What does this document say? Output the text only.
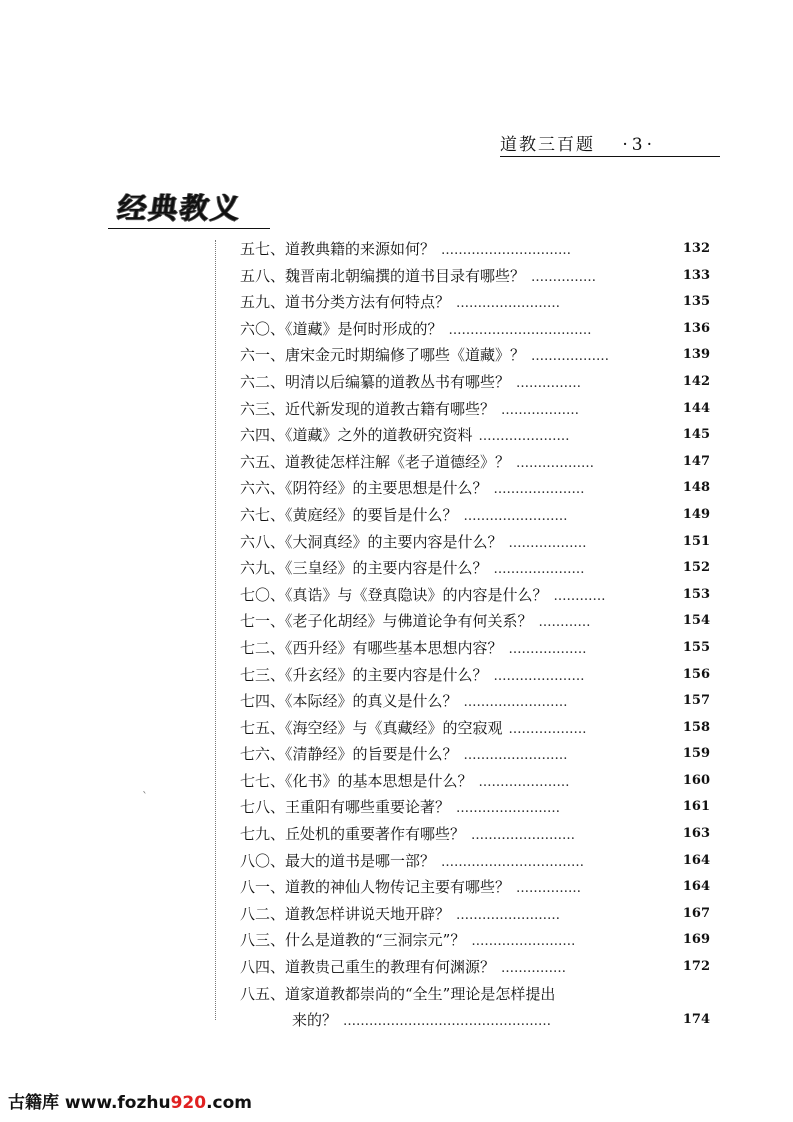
道教三百题 ·3·
经典教义
ˋ
五七、道教典籍的来源如何？ …………………………	132
五八、魏晋南北朝编撰的道书目录有哪些？ ……………	133
五九、道书分类方法有何特点？ ……………………	135
六〇、《道藏》是何时形成的？ ……………………………	136
六一、唐宋金元时期编修了哪些《道藏》？ ………………	139
六二、明清以后编纂的道教丛书有哪些？ ……………	142
六三、近代新发现的道教古籍有哪些？ ………………	144
六四、《道藏》之外的道教研究资料 …………………	145
六五、道教徒怎样注解《老子道德经》？ ………………	147
六六、《阴符经》的主要思想是什么？ …………………	148
六七、《黄庭经》的要旨是什么？ ……………………	149
六八、《大洞真经》的主要内容是什么？ ………………	151
六九、《三皇经》的主要内容是什么？ …………………	152
七〇、《真诰》与《登真隐诀》的内容是什么？ …………	153
七一、《老子化胡经》与佛道论争有何关系？ …………	154
七二、《西升经》有哪些基本思想内容？ ………………	155
七三、《升玄经》的主要内容是什么？ …………………	156
七四、《本际经》的真义是什么？ ……………………	157
七五、《海空经》与《真藏经》的空寂观 ………………	158
七六、《清静经》的旨要是什么？ ……………………	159
七七、《化书》的基本思想是什么？ …………………	160
七八、王重阳有哪些重要论著？ ……………………	161
七九、丘处机的重要著作有哪些？ ……………………	163
八〇、最大的道书是哪一部？ ……………………………	164
八一、道教的神仙人物传记主要有哪些？ ……………	164
八二、道教怎样讲说天地开辟？ ……………………	167
八三、什么是道教的“三洞宗元”？ ……………………	169
八四、道教贵己重生的教理有何渊源？ ……………	172
八五、道家道教都崇尚的“全生”理论是怎样提出
来的？ …………………………………………	174
古籍库 www.fozhu920.com
